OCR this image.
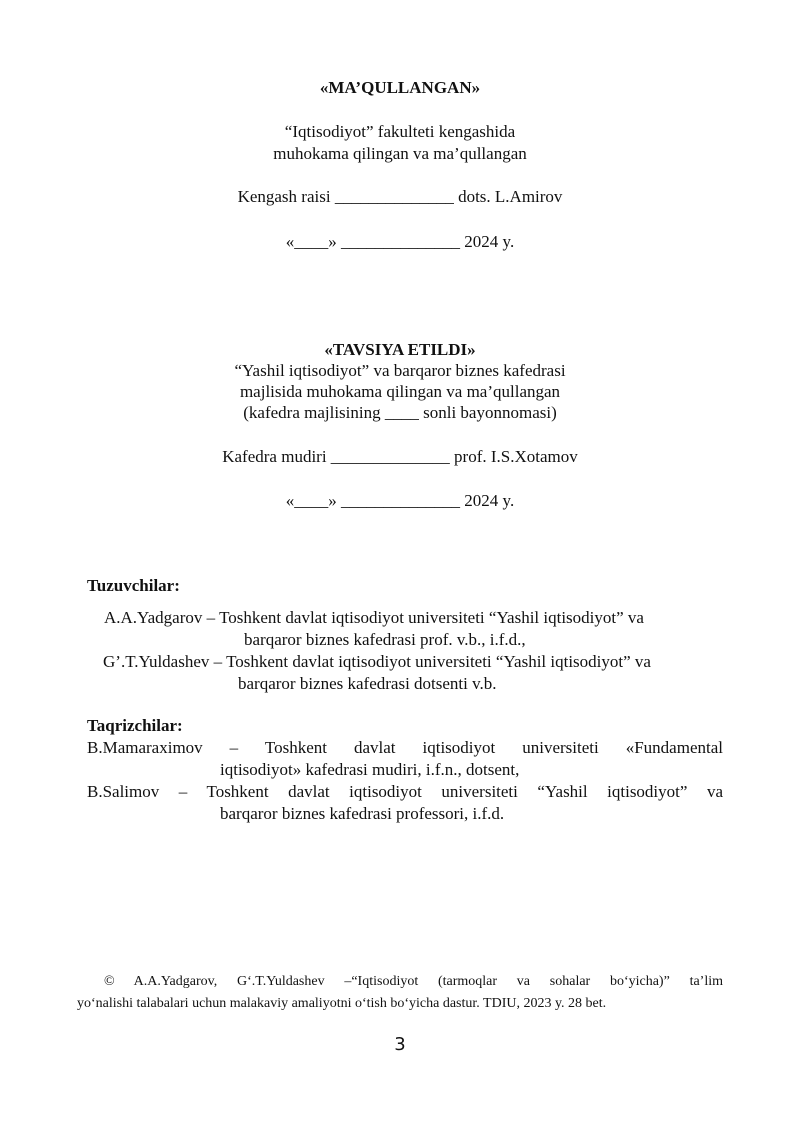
«MA’QULLANGAN»
“Iqtisodiyot” fakulteti kengashida
muhokama qilingan va ma’qullangan
Kengash raisi ______________ dots. L.Amirov
«____» ______________ 2024 y.
«TAVSIYA ETILDI»
“Yashil iqtisodiyot” va barqaror biznes kafedrasi
majlisida muhokama qilingan va ma’qullangan
(kafedra majlisining ____ sonli bayonnomasi)
Kafedra mudiri ______________ prof. I.S.Xotamov
«____» ______________ 2024 y.
Tuzuvchilar:
A.A.Yadgarov – Toshkent davlat iqtisodiyot universiteti “Yashil iqtisodiyot” va
barqaror biznes kafedrasi prof. v.b., i.f.d.,
G’.T.Yuldashev – Toshkent davlat iqtisodiyot universiteti “Yashil iqtisodiyot” va
barqaror biznes kafedrasi dotsenti v.b.
Taqrizchilar:
B.Mamaraximov – Toshkent davlat iqtisodiyot universiteti «Fundamental
iqtisodiyot» kafedrasi mudiri, i.f.n., dotsent,
B.Salimov – Toshkent davlat iqtisodiyot universiteti “Yashil iqtisodiyot” va
barqaror biznes kafedrasi professori, i.f.d.
© A.A.Yadgarov, G‘.T.Yuldashev –“Iqtisodiyot (tarmoqlar va sohalar bo‘yicha)” ta’lim
yo‘nalishi talabalari uchun malakaviy amaliyotni o‘tish bo‘yicha dastur. TDIU, 2023 y. 28 bet.
3
